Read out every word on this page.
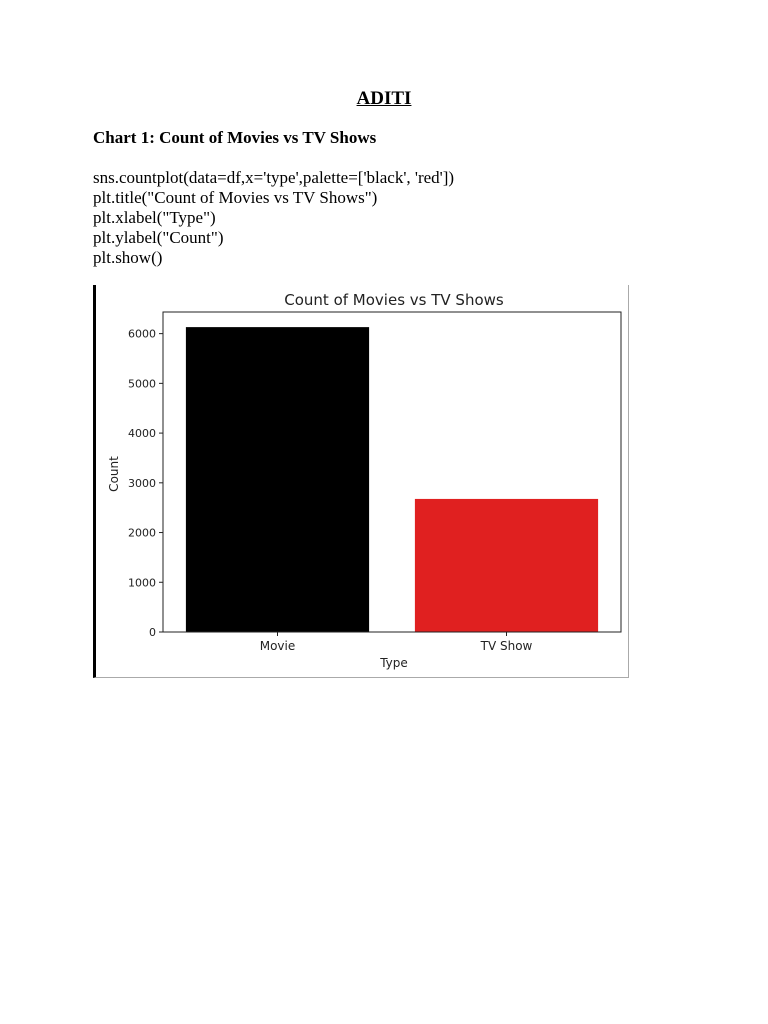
ADITI
Chart 1: Count of Movies vs TV Shows
sns.countplot(data=df,x='type',palette=['black', 'red'])
plt.title("Count of Movies vs TV Shows")
plt.xlabel("Type")
plt.ylabel("Count")
plt.show()
Count of Movies vs TV Shows
Type
Count
0
1000
2000
3000
4000
5000
6000
Movie	TV Show
